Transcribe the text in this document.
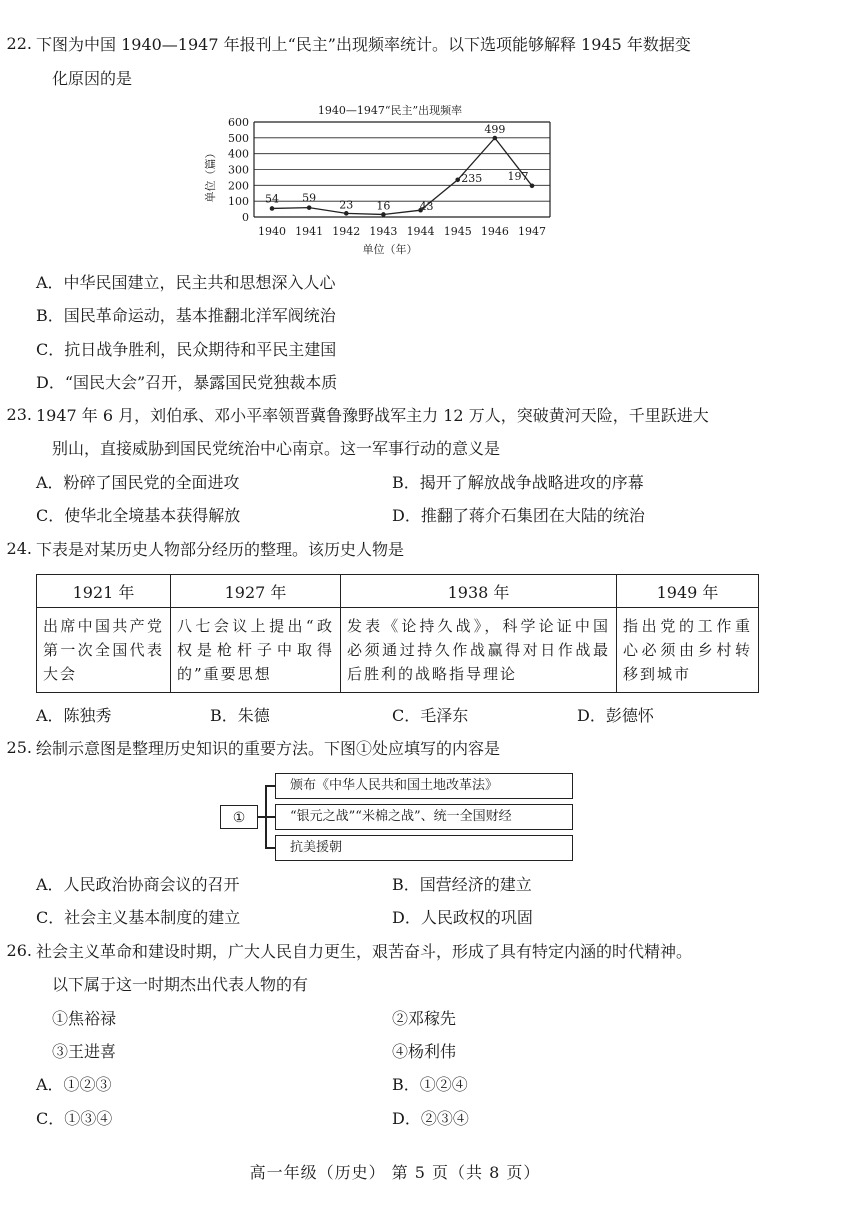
22. 下图为中国 1940—1947 年报刊上“民主”出现频率统计。以下选项能够解释 1945 年数据变
化原因的是
1940—1947“民主”出现频率
0
100
200
300
400
500
600
1940 1941 1942 1943 1944 1945 1946 1947
54 59
23 16	43
235
499
197
单位（篇）
单位（年）
A．中华民国建立，民主共和思想深入人心
B．国民革命运动，基本推翻北洋军阀统治
C．抗日战争胜利，民众期待和平民主建国
D．“国民大会”召开，暴露国民党独裁本质
23. 1947 年 6 月，刘伯承、邓小平率领晋冀鲁豫野战军主力 12 万人，突破黄河天险，千里跃进大
别山，直接威胁到国民党统治中心南京。这一军事行动的意义是
A．粉碎了国民党的全面进攻	B．揭开了解放战争战略进攻的序幕
C．使华北全境基本获得解放	D．推翻了蒋介石集团在大陆的统治
24. 下表是对某历史人物部分经历的整理。该历史人物是
1921 年	1927 年	1938 年	1949 年
出席中国共产党第一次全国代表大会	八七会议上提出“政权是枪杆子中取得的”重要思想	发表《论持久战》，科学论证中国必须通过持久作战赢得对日作战最后胜利的战略指导理论	指出党的工作重心必须由乡村转移到城市
A．陈独秀	B．朱德	C．毛泽东	D．彭德怀
25. 绘制示意图是整理历史知识的重要方法。下图①处应填写的内容是
①
颁布《中华人民共和国土地改革法》
“银元之战”“米棉之战”、统一全国财经
抗美援朝
A．人民政治协商会议的召开	B．国营经济的建立
C．社会主义基本制度的建立	D．人民政权的巩固
26. 社会主义革命和建设时期，广大人民自力更生，艰苦奋斗，形成了具有特定内涵的时代精神。
以下属于这一时期杰出代表人物的有
①焦裕禄	②邓稼先
③王进喜	④杨利伟
A．①②③	B．①②④
C．①③④	D．②③④
高一年级（历史） 第 5 页（共 8 页）
